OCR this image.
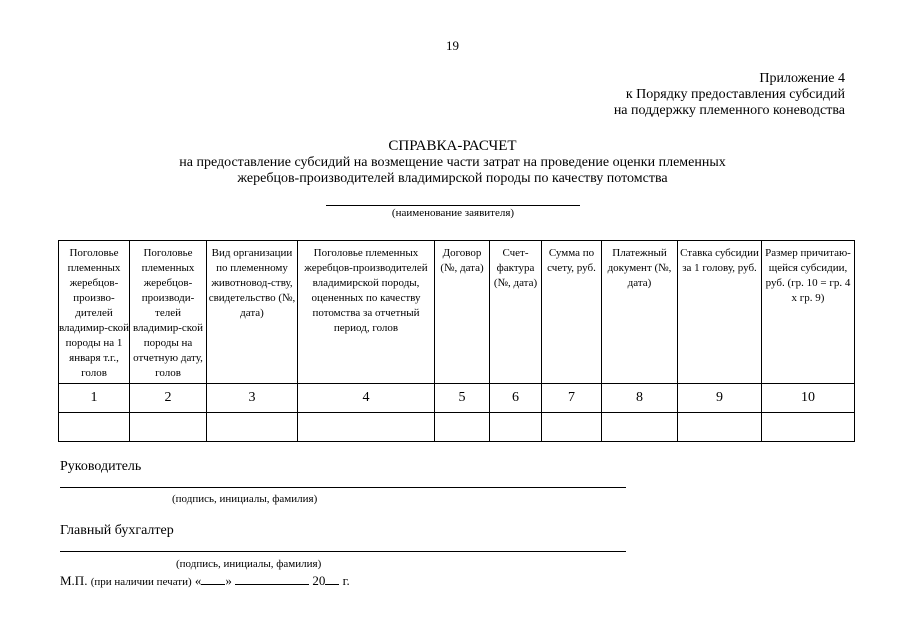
19
Приложение 4
к Порядку предоставления субсидий
на поддержку племенного коневодства
СПРАВКА-РАСЧЕТ
на предоставление субсидий на возмещение части затрат на проведение оценки племенных
жеребцов-производителей владимирской породы по качеству потомства
(наименование заявителя)
Поголовье племенных жеребцов-произво-дителей владимир-ской породы на 1 января т.г., голов	Поголовье племенных жеребцов-производи-телей владимир-ской породы на отчетную дату, голов	Вид организации по племенному животновод-ству, свидетельство (№, дата)	Поголовье племенных жеребцов-производителей владимирской породы, оцененных по качеству потомства за отчетный период, голов	Договор (№, дата)	Счет-фактура (№, дата)	Сумма по счету, руб.	Платежный документ (№, дата)	Ставка субсидии за 1 голову, руб.	Размер причитаю-щейся субсидии, руб. (гр. 10 = гр. 4 х гр. 9)
1	2	3	4	5	6	7	8	9	10

Руководитель
(подпись, инициалы, фамилия)
Главный бухгалтер
(подпись, инициалы, фамилия)
М.П. (при наличии печати) « »	20 г.
